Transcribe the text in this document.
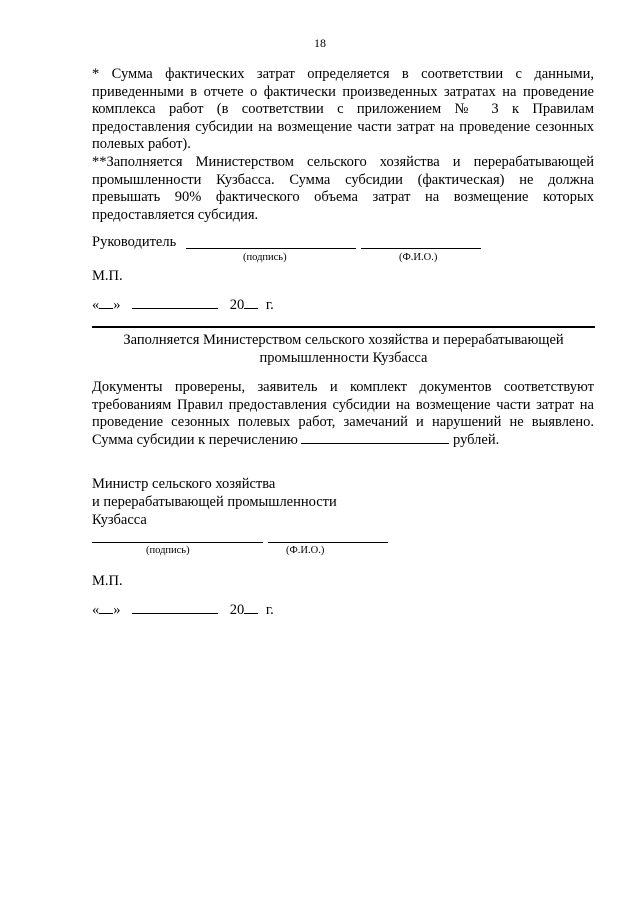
18
* Сумма фактических затрат определяется в соответствии с данными, приведенными в отчете о фактически произведенных затратах на проведение комплекса работ (в соответствии с приложением № 3 к Правилам предоставления субсидии на возмещение части затрат на проведение сезонных полевых работ).
**Заполняется Министерством сельского хозяйства и перерабатывающей промышленности Кузбасса. Сумма субсидии (фактическая) не должна превышать 90% фактического объема затрат на возмещение которых предоставляется субсидия.
Руководитель
(подпись)	(Ф.И.О.)
М.П.
« »	20 г.
Заполняется Министерством сельского хозяйства и перерабатывающей
промышленности Кузбасса
Документы проверены, заявитель и комплект документов соответствуют требованиям Правил предоставления субсидии на возмещение части затрат на проведение сезонных полевых работ, замечаний и нарушений не выявлено. Сумма субсидии к перечислению	рублей.
Министр сельского хозяйства
и перерабатывающей промышленности
Кузбасса
(подпись)	(Ф.И.О.)
М.П.
« »	20 г.
